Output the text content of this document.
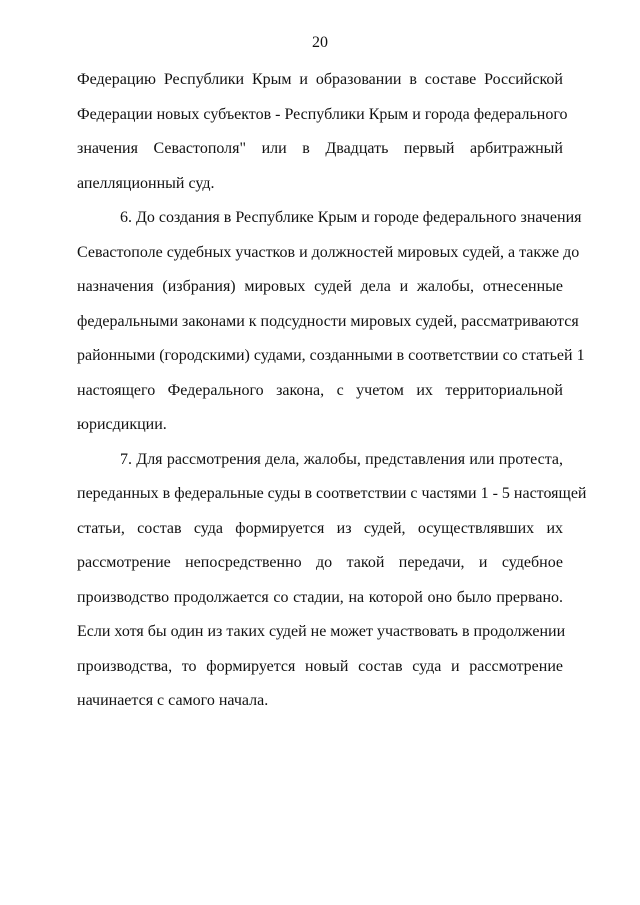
20
Федерацию Республики Крым и образовании в составе Российской
Федерации новых субъектов - Республики Крым и города федерального
значения Севастополя" или в Двадцать первый арбитражный
апелляционный суд.
6. До создания в Республике Крым и городе федерального значения
Севастополе судебных участков и должностей мировых судей, а также до
назначения (избрания) мировых судей дела и жалобы, отнесенные
федеральными законами к подсудности мировых судей, рассматриваются
районными (городскими) судами, созданными в соответствии со статьей 1
настоящего Федерального закона, с учетом их территориальной
юрисдикции.
7. Для рассмотрения дела, жалобы, представления или протеста,
переданных в федеральные суды в соответствии с частями 1 - 5 настоящей
статьи, состав суда формируется из судей, осуществлявших их
рассмотрение непосредственно до такой передачи, и судебное
производство продолжается со стадии, на которой оно было прервано.
Если хотя бы один из таких судей не может участвовать в продолжении
производства, то формируется новый состав суда и рассмотрение
начинается с самого начала.
